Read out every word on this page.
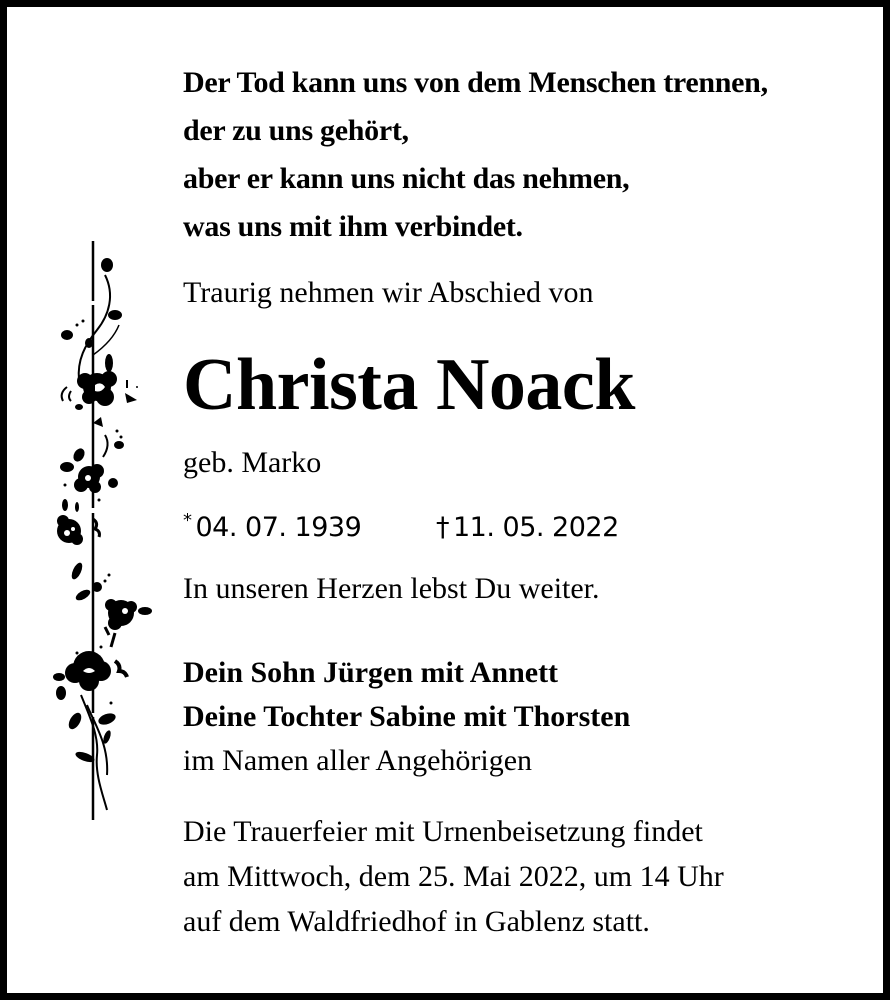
Der Tod kann uns von dem Menschen trennen,
der zu uns gehört,
aber er kann uns nicht das nehmen,
was uns mit ihm verbindet.
Traurig nehmen wir Abschied von
Christa Noack
geb. Marko
* 04. 07. 1939	† 11. 05. 2022
In unseren Herzen lebst Du weiter.
Dein Sohn Jürgen mit Annett
Deine Tochter Sabine mit Thorsten
im Namen aller Angehörigen
Die Trauerfeier mit Urnenbeisetzung findet
am Mittwoch, dem 25. Mai 2022, um 14 Uhr
auf dem Waldfriedhof in Gablenz statt.
